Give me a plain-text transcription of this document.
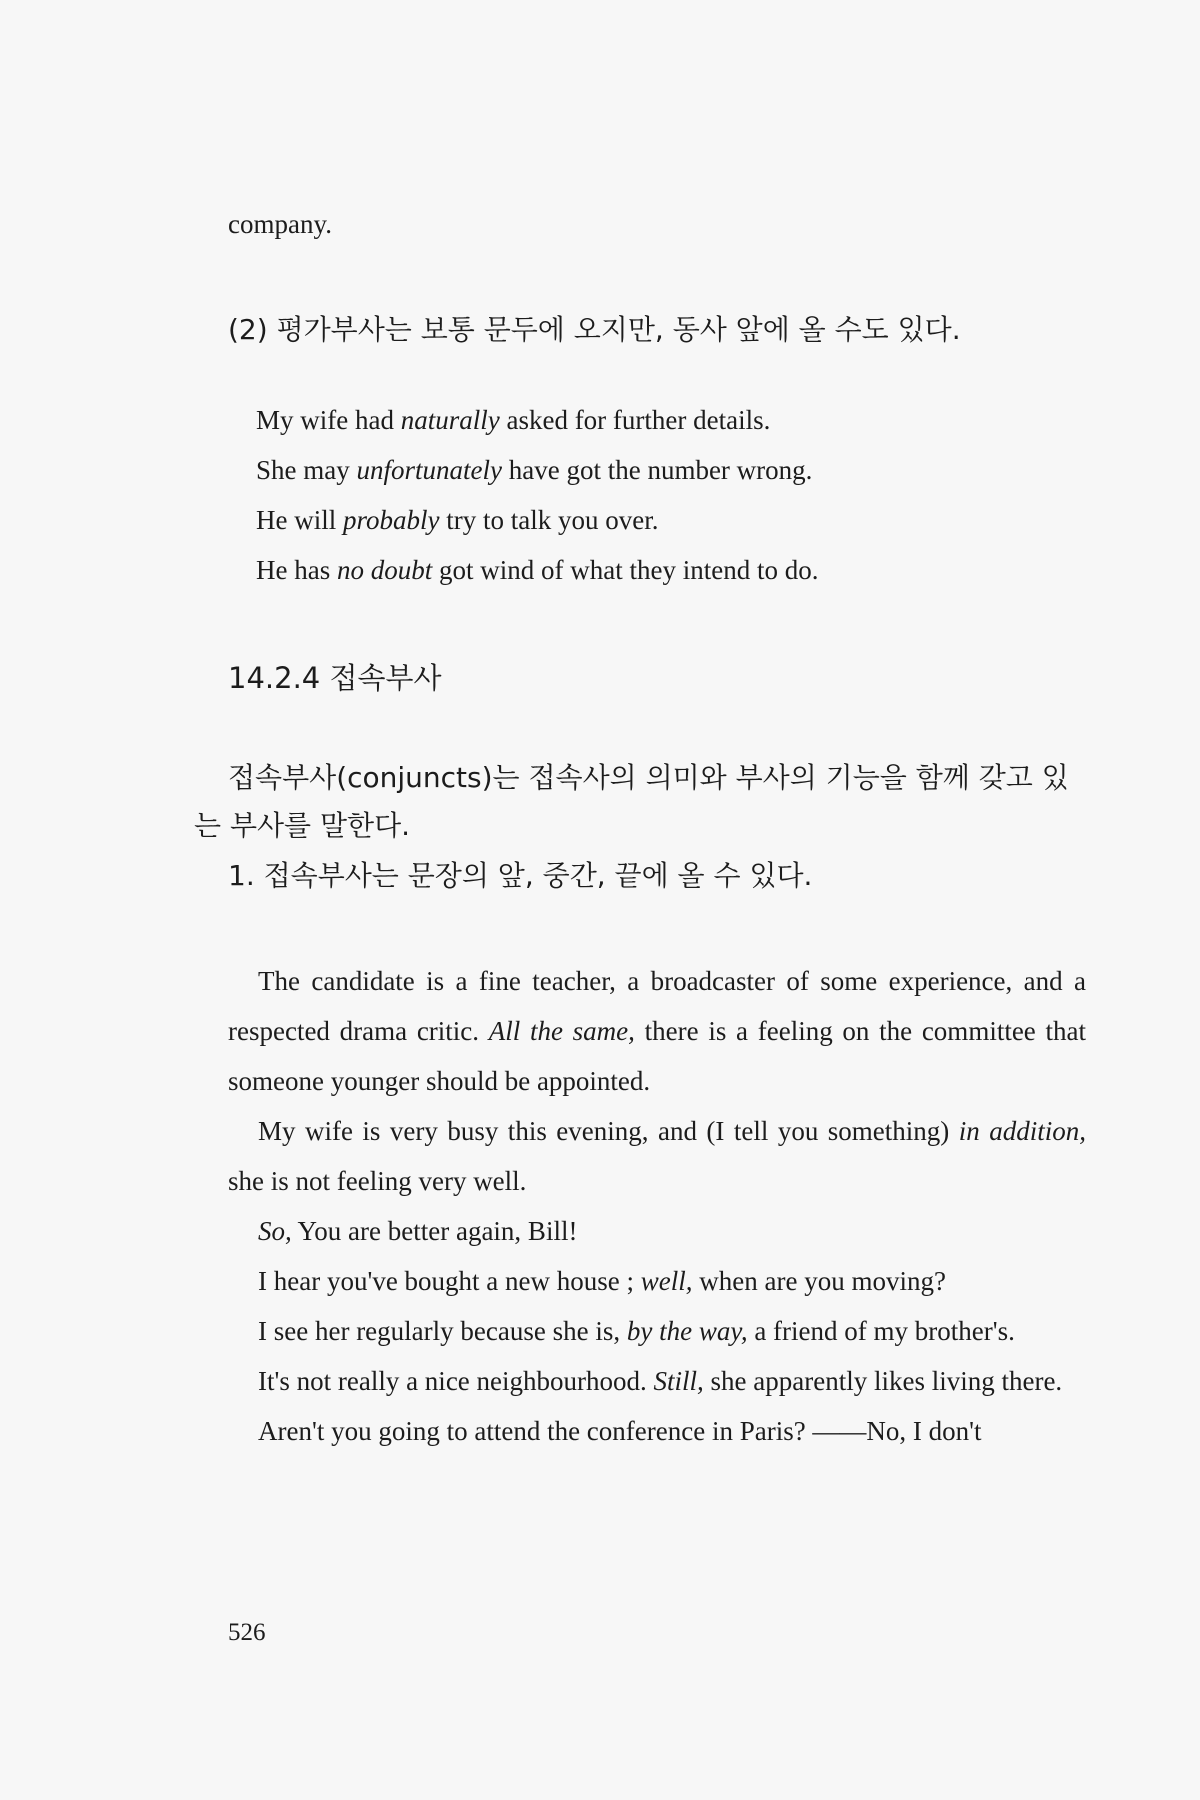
company.
(2) 평가부사는 보통 문두에 오지만, 동사 앞에 올 수도 있다.
My wife had naturally asked for further details.
She may unfortunately have got the number wrong.
He will probably try to talk you over.
He has no doubt got wind of what they intend to do.
14.2.4 접속부사
접속부사(conjuncts)는 접속사의 의미와 부사의 기능을 함께 갖고 있
는 부사를 말한다.
1. 접속부사는 문장의 앞, 중간, 끝에 올 수 있다.
The candidate is a fine teacher, a broadcaster of some experience, and a respected drama critic. All the same, there is a feeling on the committee that someone younger should be appointed.
My wife is very busy this evening, and (I tell you something) in addition, she is not feeling very well.
So, You are better again, Bill!
I hear you've bought a new house ; well, when are you moving?
I see her regularly because she is, by the way, a friend of my brother's.
It's not really a nice neighbourhood. Still, she apparently likes living there.
Aren't you going to attend the conference in Paris? ——No, I don't
526
